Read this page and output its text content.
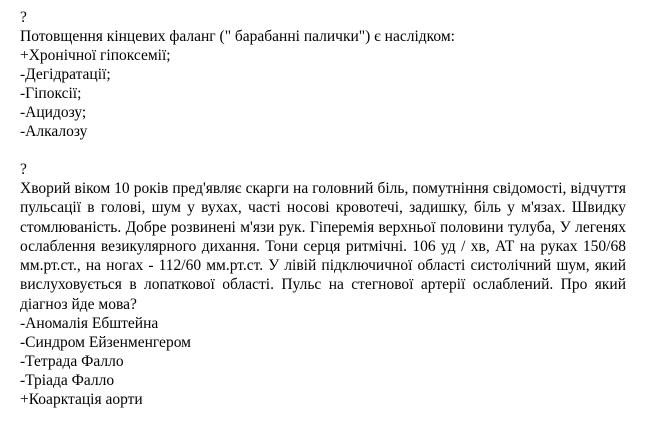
?
Потовщення кінцевих фаланг (" барабанні палички") є наслідком:
+Хронічної гіпоксемії;
-Дегідратації;
-Гіпоксії;
-Ацидозу;
-Алкалозу
?

Хворий віком 10 років пред'являє скарги на головний біль, помутніння свідомості, відчуття пульсації в голові, шум у вухах, часті носові кровотечі, задишку, біль у м'язах. Швидку стомлюваність. Добре розвинені м'язи рук. Гіперемія верхньої половини тулуба, У легенях ослаблення везикулярного дихання. Тони серця ритмічні. 106 уд / хв, АТ на руках 150/68 мм.рт.ст., на ногах - 112/60 мм.рт.ст. У лівій підключичної області систолічний шум, який вислуховується в лопаткової області. Пульс на стегнової артерії ослаблений. Про який діагноз йде мова?

-Аномалія Ебштейна
-Синдром Ейзенменгером
-Тетрада Фалло
-Тріада Фалло
+Коарктація аорти
